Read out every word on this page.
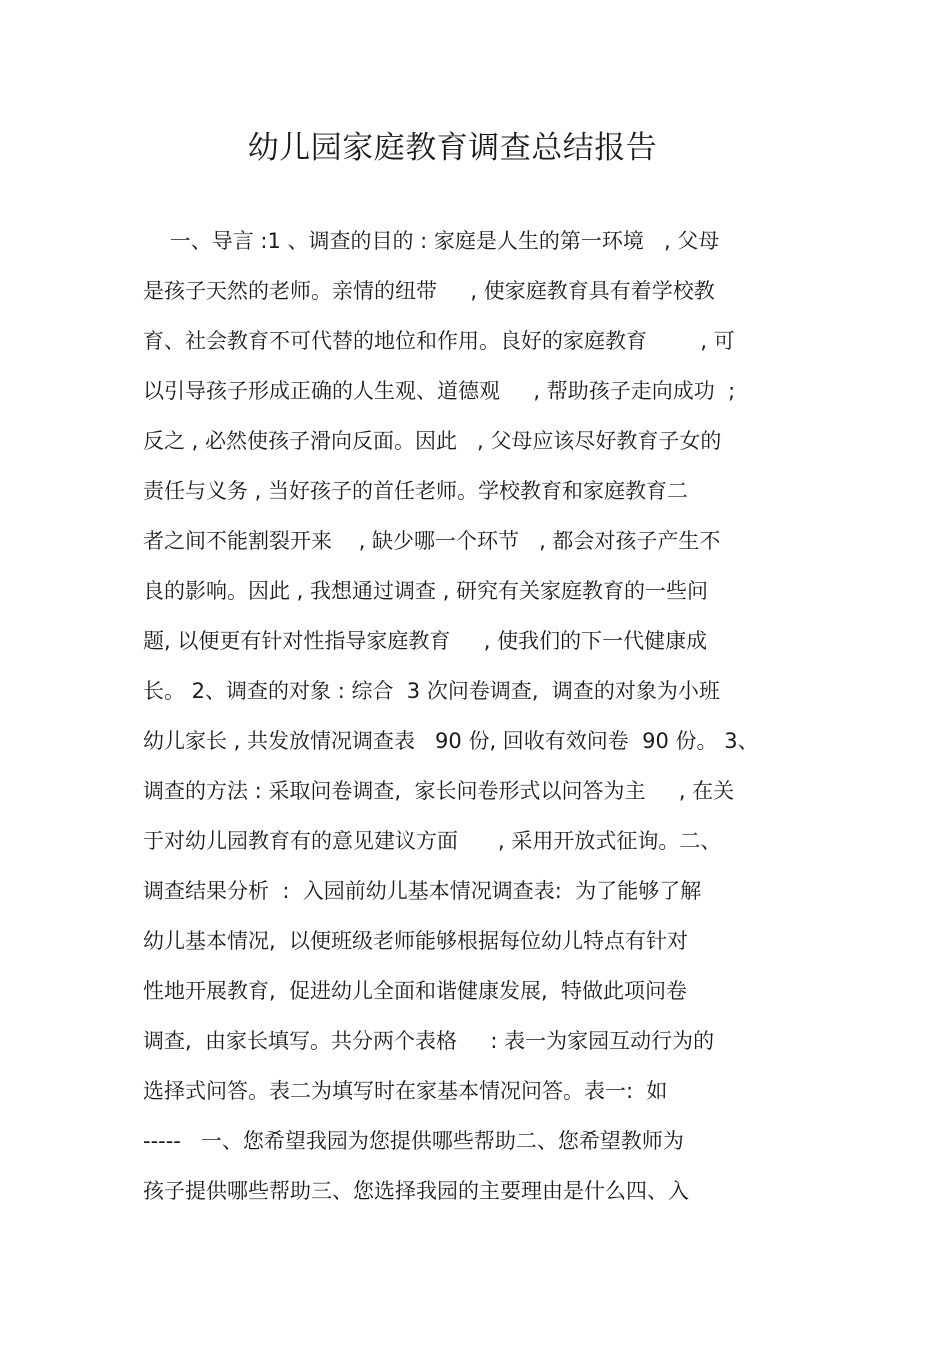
幼儿园家庭教育调查总结报告
一、导言 :1 、调查的目的 : 家庭是人生的第一环境   , 父母
是孩子天然的老师。亲情的纽带     , 使家庭教育具有着学校教
育、社会教育不可代替的地位和作用。良好的家庭教育        , 可
以引导孩子形成正确的人生观、道德观     , 帮助孩子走向成功  ;
反之 , 必然使孩子滑向反面。因此   , 父母应该尽好教育子女的
责任与义务 , 当好孩子的首任老师。学校教育和家庭教育二
者之间不能割裂开来    , 缺少哪一个环节   , 都会对孩子产生不
良的影响。因此 , 我想通过调查 , 研究有关家庭教育的一些问
题, 以便更有针对性指导家庭教育     , 使我们的下一代健康成
长。 2、调查的对象 : 综合  3 次问卷调查,  调查的对象为小班
幼儿家长 , 共发放情况调查表   90 份, 回收有效问卷  90 份。 3、
调查的方法 : 采取问卷调查,  家长问卷形式以问答为主     , 在关
于对幼儿园教育有的意见建议方面      , 采用开放式征询。二、
调查结果分析  :  入园前幼儿基本情况调查表:  为了能够了解
幼儿基本情况,  以便班级老师能够根据每位幼儿特点有针对
性地开展教育,  促进幼儿全面和谐健康发展,  特做此项问卷
调查,  由家长填写。共分两个表格     : 表一为家园互动行为的
选择式问答。表二为填写时在家基本情况问答。表一:  如
-----   一、您希望我园为您提供哪些帮助二、您希望教师为
孩子提供哪些帮助三、您选择我园的主要理由是什么四、入
